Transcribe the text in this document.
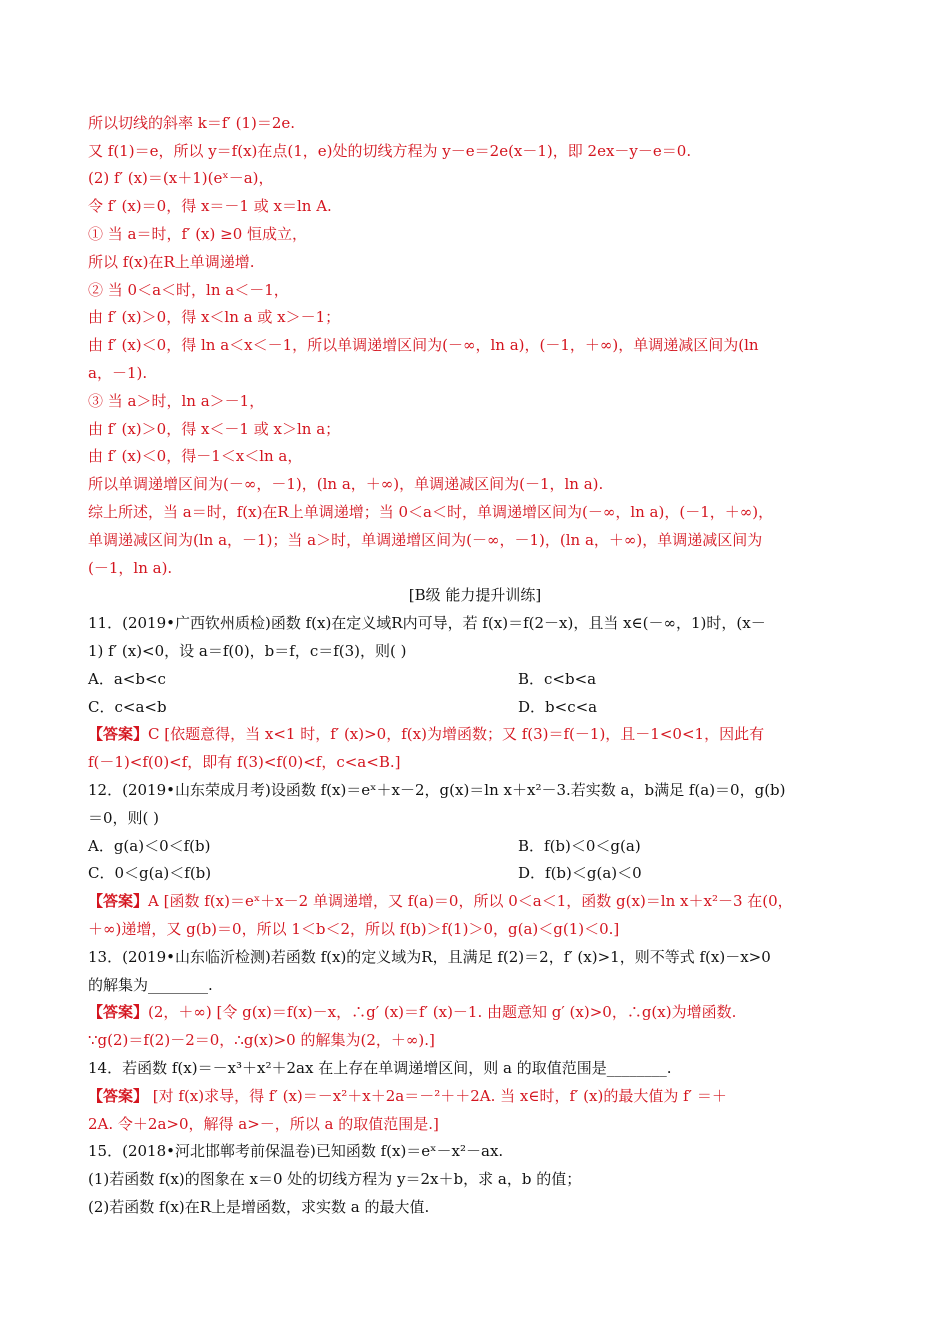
所以切线的斜率 k＝f′ (1)＝2e.
又 f(1)＝e，所以 y＝f(x)在点(1，e)处的切线方程为 y－e＝2e(x－1)，即 2ex－y－e＝0.
(2) f′ (x)＝(x＋1)(eˣ－a)，
令 f′ (x)＝0，得 x＝－1 或 x＝ln A.
① 当 a＝时，f′ (x) ≥0 恒成立，
所以 f(x)在R上单调递增.
② 当 0＜a＜时，ln a＜－1，
由 f′ (x)＞0，得 x＜ln a 或 x＞－1；
由 f′ (x)＜0，得 ln a＜x＜－1，所以单调递增区间为(－∞，ln a)，(－1，＋∞)，单调递减区间为(ln
a，－1).
③ 当 a＞时，ln a＞－1，
由 f′ (x)＞0，得 x＜－1 或 x＞ln a；
由 f′ (x)＜0，得－1＜x＜ln a，
所以单调递增区间为(－∞，－1)，(ln a，＋∞)，单调递减区间为(－1，ln a).
综上所述，当 a＝时，f(x)在R上单调递增；当 0＜a＜时，单调递增区间为(－∞，ln a)，(－1，＋∞)，
单调递减区间为(ln a，－1)；当 a＞时，单调递增区间为(－∞，－1)，(ln a，＋∞)，单调递减区间为
(－1，ln a).
[B级 能力提升训练]
11．(2019•广西钦州质检)函数 f(x)在定义域R内可导，若 f(x)＝f(2－x)，且当 x∈(－∞，1)时，(x－
1) f′ (x)<0，设 a＝f(0)，b＝f，c＝f(3)，则( )
A．a<b<c	B．c<b<a
C．c<a<b	D．b<c<a
【答案】C [依题意得，当 x<1 时，f′ (x)>0，f(x)为增函数；又 f(3)＝f(－1)，且－1<0<1，因此有
f(－1)<f(0)<f，即有 f(3)<f(0)<f，c<a<B.]
12．(2019•山东荣成月考)设函数 f(x)＝eˣ＋x－2，g(x)＝ln x＋x²－3.若实数 a，b满足 f(a)＝0，g(b)
＝0，则( )
A．g(a)＜0＜f(b)	B．f(b)＜0＜g(a)
C．0＜g(a)＜f(b)	D．f(b)＜g(a)＜0
【答案】A [函数 f(x)＝eˣ＋x－2 单调递增，又 f(a)＝0，所以 0＜a＜1，函数 g(x)＝ln x＋x²－3 在(0，
＋∞)递增，又 g(b)＝0，所以 1＜b＜2，所以 f(b)＞f(1)＞0，g(a)＜g(1)＜0.]
13．(2019•山东临沂检测)若函数 f(x)的定义域为R，且满足 f(2)＝2，f′ (x)>1，则不等式 f(x)－x>0
的解集为________.
【答案】(2，＋∞) [令 g(x)＝f(x)－x，∴g′ (x)＝f′ (x)－1. 由题意知 g′ (x)>0，∴g(x)为增函数.
∵g(2)＝f(2)－2＝0，∴g(x)>0 的解集为(2，＋∞).]
14．若函数 f(x)＝－x³＋x²＋2ax 在上存在单调递增区间，则 a 的取值范围是________.
【答案】 [对 f(x)求导，得 f′ (x)＝－x²＋x＋2a＝－²＋＋2A. 当 x∈时，f′ (x)的最大值为 f′ ＝＋
2A. 令＋2a>0，解得 a>－，所以 a 的取值范围是.]
15．(2018•河北邯郸考前保温卷)已知函数 f(x)＝eˣ－x²－ax.
(1)若函数 f(x)的图象在 x＝0 处的切线方程为 y＝2x＋b，求 a，b 的值；
(2)若函数 f(x)在R上是增函数，求实数 a 的最大值.
